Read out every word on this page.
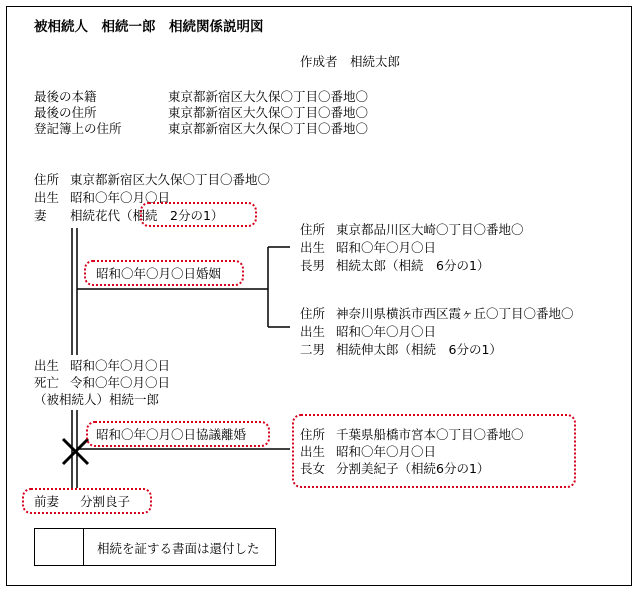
被相続人　相続一郎　相続関係説明図
作成者　相続太郎
最後の本籍	東京都新宿区大久保〇丁目〇番地〇
最後の住所	東京都新宿区大久保〇丁目〇番地〇
登記簿上の住所	東京都新宿区大久保〇丁目〇番地〇
住所 東京都新宿区大久保〇丁目〇番地〇
出生 昭和〇年〇月〇日
妻 相続花代（相続　2分の1）
昭和〇年〇月〇日婚姻
住所 東京都品川区大崎〇丁目〇番地〇
出生 昭和〇年〇月〇日
長男 相続太郎（相続　6分の1）
住所 神奈川県横浜市西区霞ヶ丘〇丁目〇番地〇
出生 昭和〇年〇月〇日
二男 相続伸太郎（相続　6分の1）
出生 昭和〇年〇月〇日
死亡 令和〇年〇月〇日
（被相続人）相続一郎
昭和〇年〇月〇日協議離婚	住所 千葉県船橋市宮本〇丁目〇番地〇
出生 昭和〇年〇月〇日
長女 分割美紀子（相続6分の1）
前妻 分割良子
相続を証する書面は還付した
